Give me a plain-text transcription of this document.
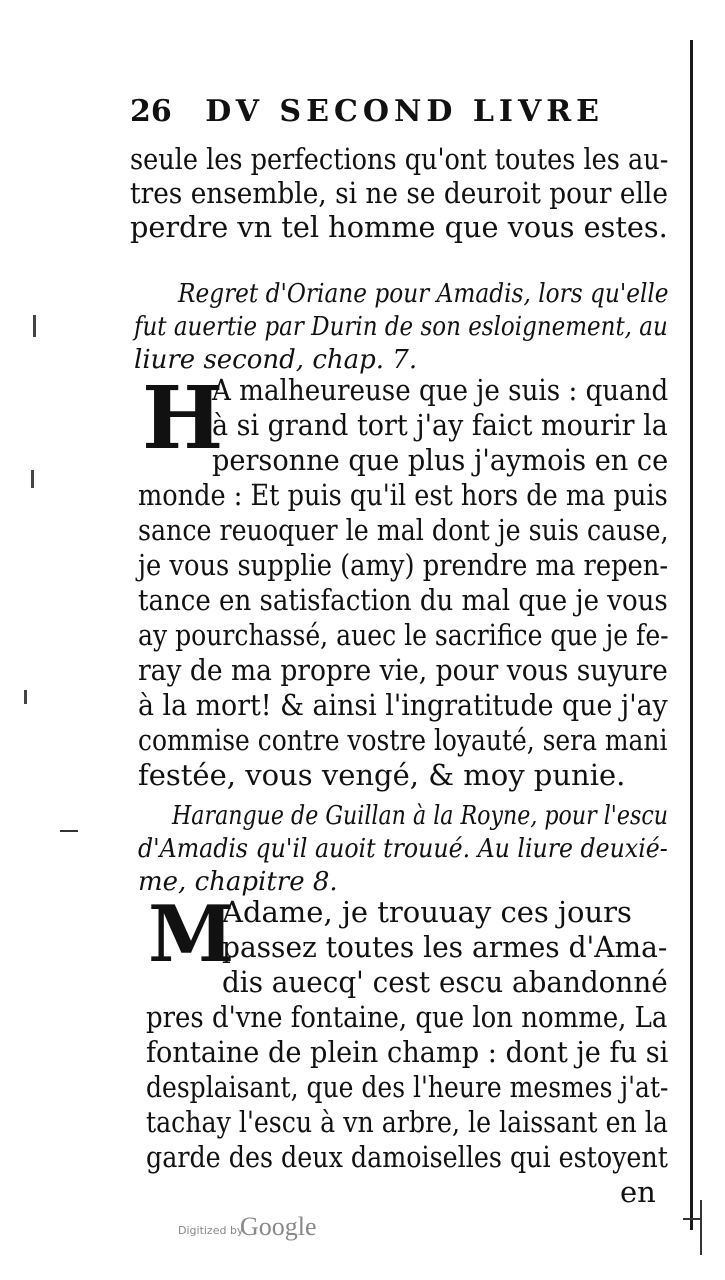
26 DV SECOND LIVRE
seule les perfections qu'ont toutes les au-
tres ensemble, si ne se deuroit pour elle
perdre vn tel homme que vous estes.
Regret d'Oriane pour Amadis, lors qu'elle
fut auertie par Durin de son esloignement, au
liure second, chap. 7.
H
A malheureuse que je suis : quand
à si grand tort j'ay faict mourir la
personne que plus j'aymois en ce
monde : Et puis qu'il est hors de ma puis
sance reuoquer le mal dont je suis cause,
je vous supplie (amy) prendre ma repen-
tance en satisfaction du mal que je vous
ay pourchassé, auec le sacrifice que je fe-
ray de ma propre vie, pour vous suyure
à la mort! & ainsi l'ingratitude que j'ay
commise contre vostre loyauté, sera mani
festée, vous vengé, & moy punie.
Harangue de Guillan à la Royne, pour l'escu
d'Amadis qu'il auoit trouué. Au liure deuxié-
me, chapitre 8.
M
Adame, je trouuay ces jours
passez toutes les armes d'Ama-
dis auecq' cest escu abandonné
pres d'vne fontaine, que lon nomme, La
fontaine de plein champ : dont je fu si
desplaisant, que des l'heure mesmes j'at-
tachay l'escu à vn arbre, le laissant en la
garde des deux damoiselles qui estoyent
en
Digitized by
Google
